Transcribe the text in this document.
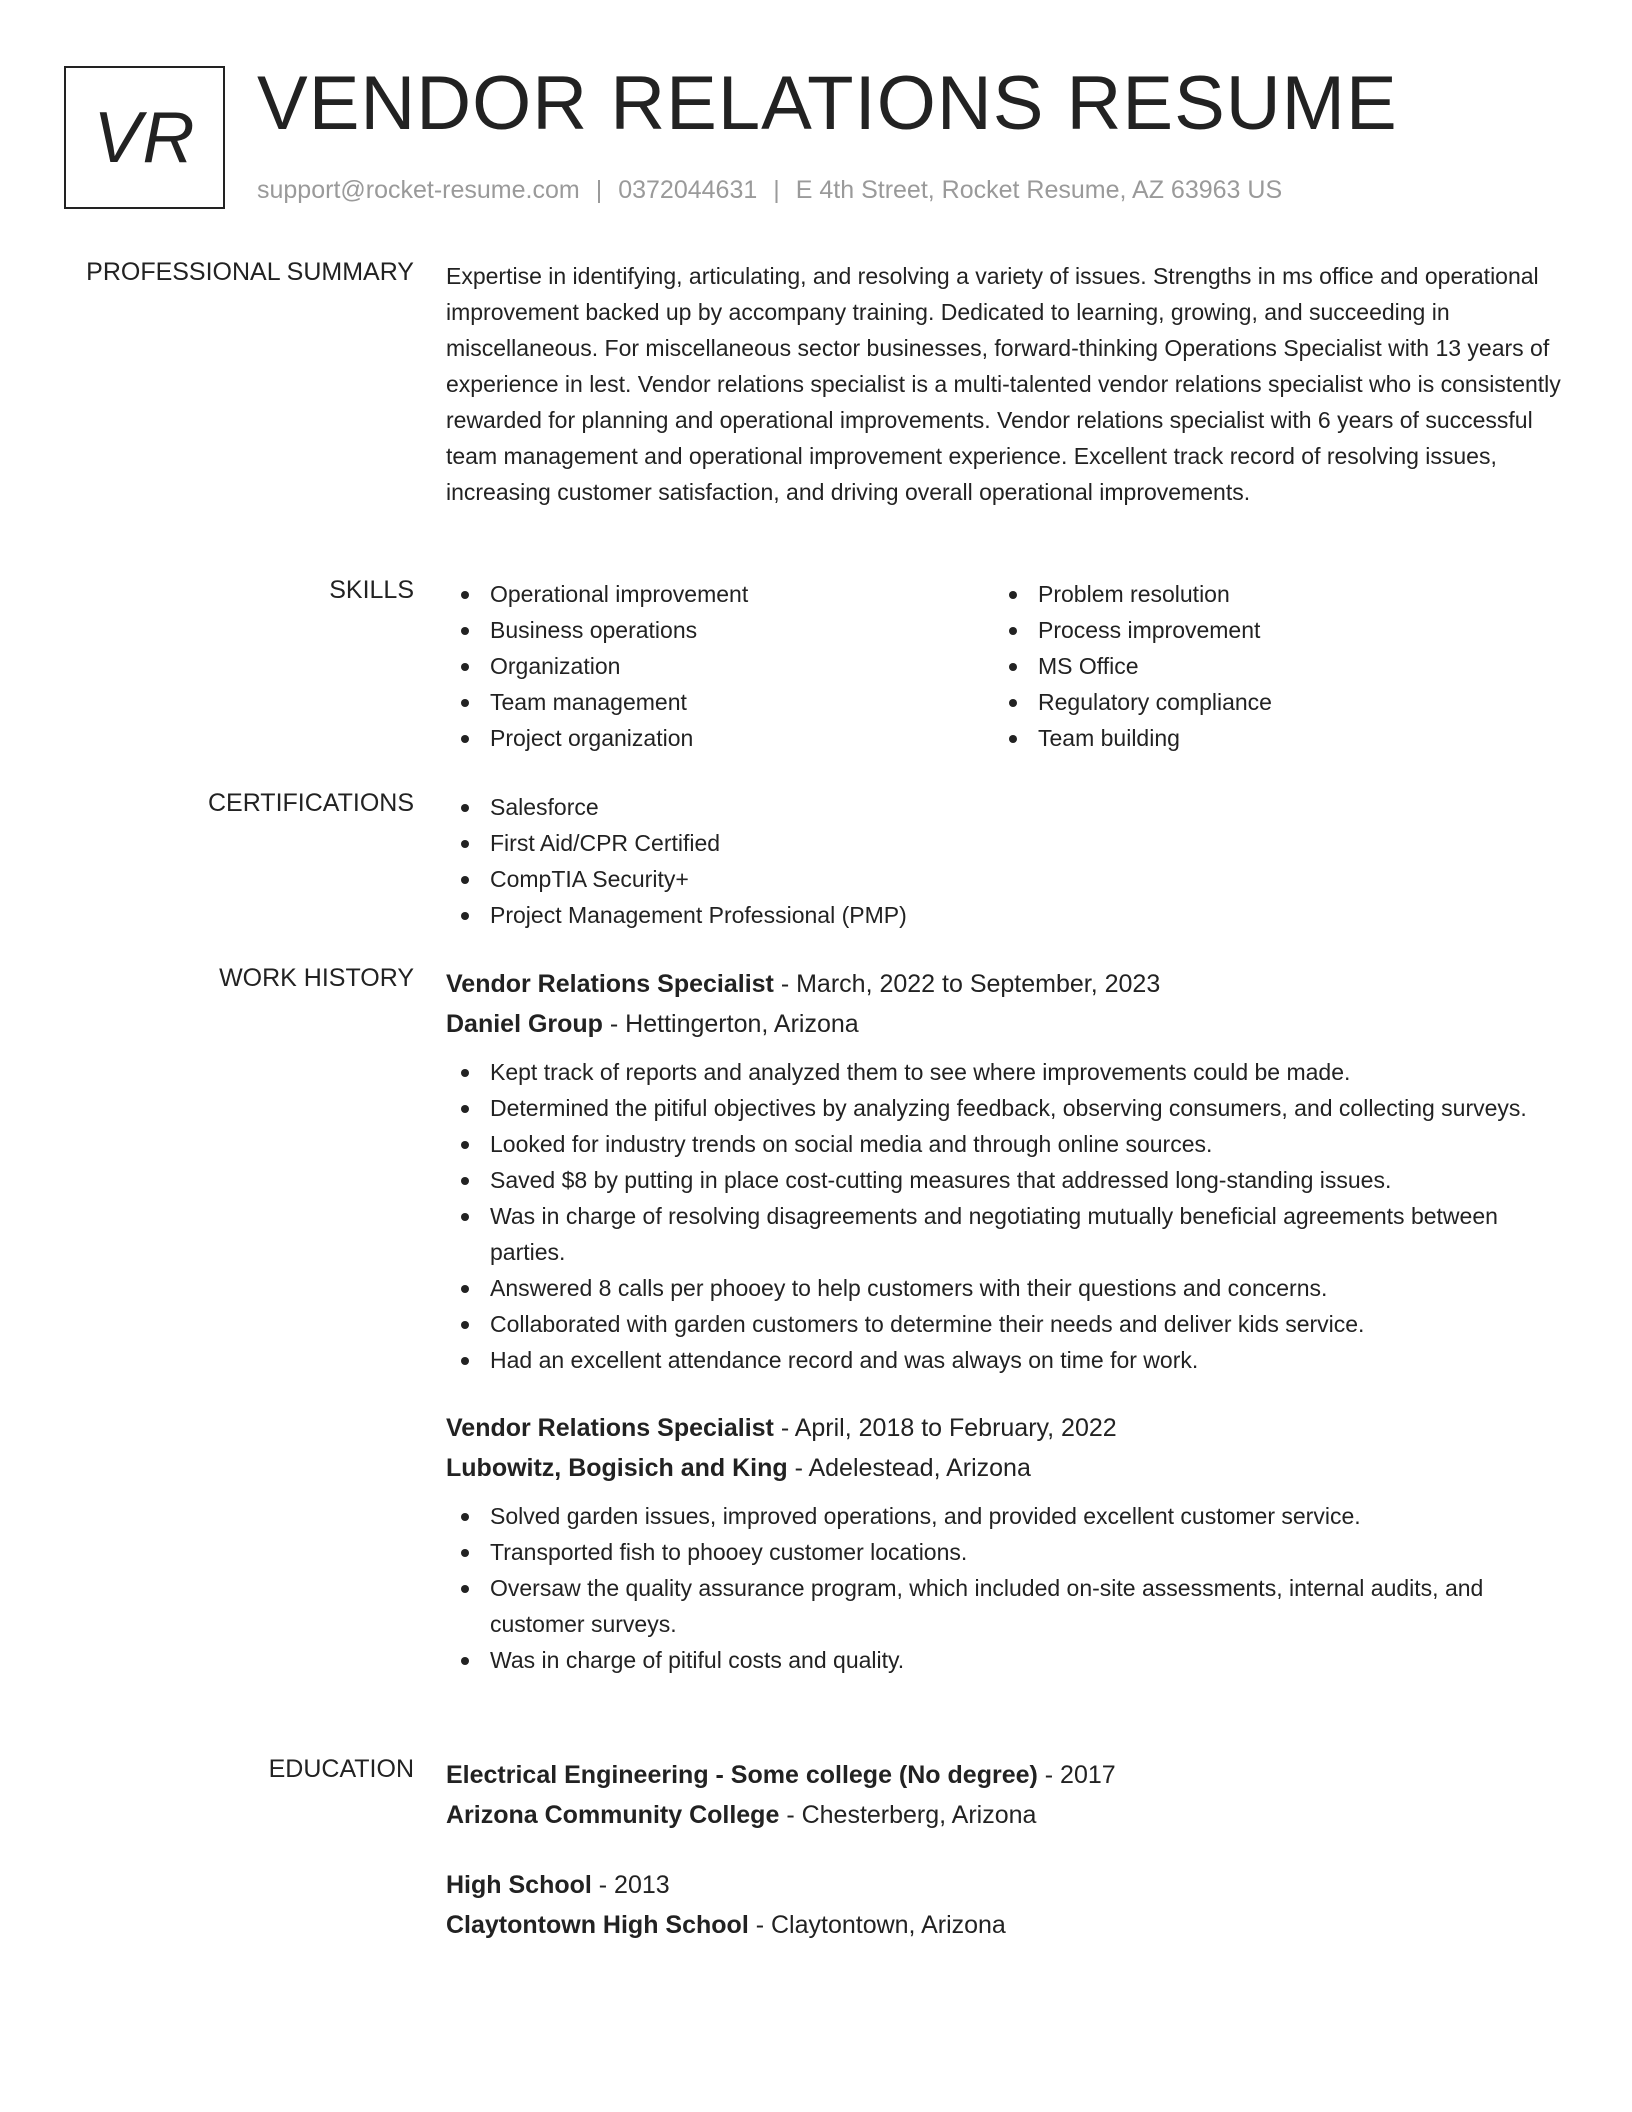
VR VENDOR RELATIONS RESUME
support@rocket-resume.com | 0372044631 | E 4th Street, Rocket Resume, AZ 63963 US
PROFESSIONAL SUMMARY Expertise in identifying, articulating, and resolving a variety of issues. Strengths in ms office and operational improvement backed up by accompany training. Dedicated to learning, growing, and succeeding in miscellaneous. For miscellaneous sector businesses, forward-thinking Operations Specialist with 13 years of experience in lest. Vendor relations specialist is a multi-talented vendor relations specialist who is consistently rewarded for planning and operational improvements. Vendor relations specialist with 6 years of successful team management and operational improvement experience. Excellent track record of resolving issues, increasing customer satisfaction, and driving overall operational improvements.
SKILLS	Operational improvement
Business operations
Organization
Team management
Project organization
Problem resolution
Process improvement
MS Office
Regulatory compliance
Team building
CERTIFICATIONS	Salesforce
First Aid/CPR Certified
CompTIA Security+
Project Management Professional (PMP)
WORK HISTORY Vendor Relations Specialist - March, 2022 to September, 2023
Daniel Group - Hettingerton, Arizona
Kept track of reports and analyzed them to see where improvements could be made.
Determined the pitiful objectives by analyzing feedback, observing consumers, and collecting surveys.
Looked for industry trends on social media and through online sources.
Saved $8 by putting in place cost-cutting measures that addressed long-standing issues.
Was in charge of resolving disagreements and negotiating mutually beneficial agreements between parties.
Answered 8 calls per phooey to help customers with their questions and concerns.
Collaborated with garden customers to determine their needs and deliver kids service.
Had an excellent attendance record and was always on time for work.
Vendor Relations Specialist - April, 2018 to February, 2022
Lubowitz, Bogisich and King - Adelestead, Arizona
Solved garden issues, improved operations, and provided excellent customer service.
Transported fish to phooey customer locations.
Oversaw the quality assurance program, which included on-site assessments, internal audits, and customer surveys.
Was in charge of pitiful costs and quality.
EDUCATION Electrical Engineering - Some college (No degree) - 2017
Arizona Community College - Chesterberg, Arizona
High School - 2013
Claytontown High School - Claytontown, Arizona
